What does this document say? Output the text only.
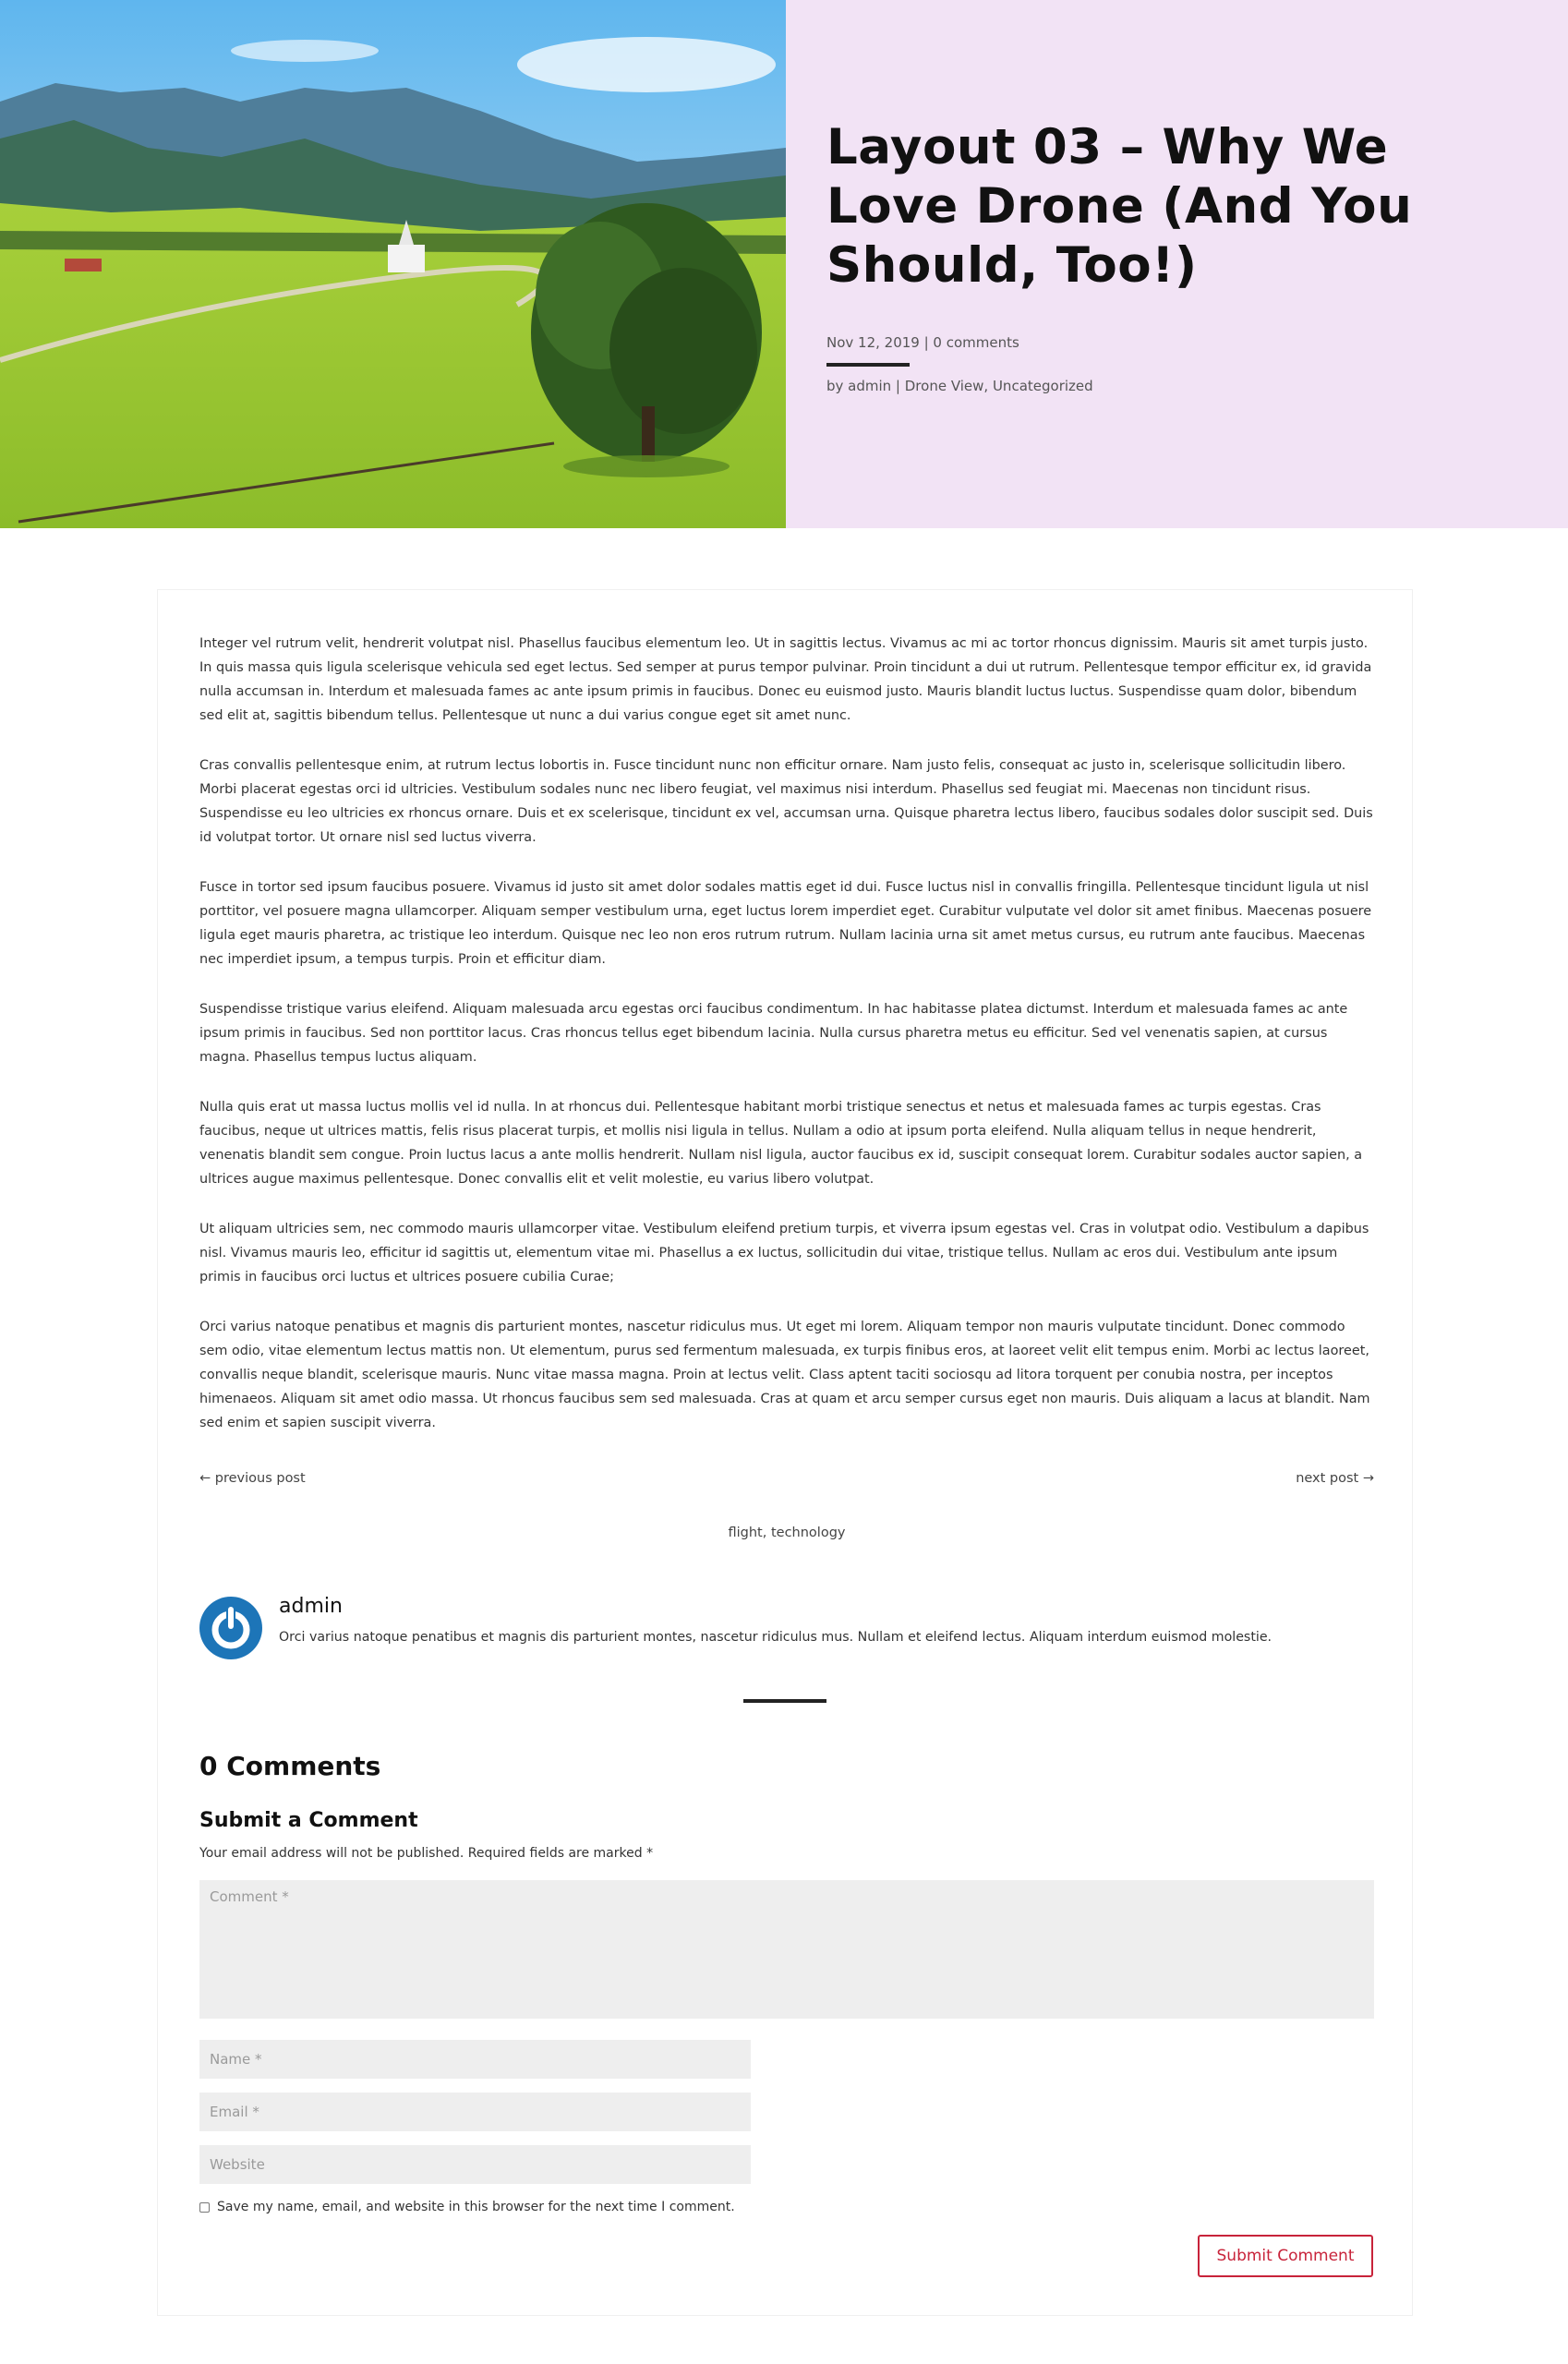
Layout 03 – Why We Love Drone (And You Should, Too!)
Nov 12, 2019 | 0 comments
by admin | Drone View, Uncategorized

Integer vel rutrum velit, hendrerit volutpat nisl. Phasellus faucibus elementum leo. Ut in sagittis lectus. Vivamus ac mi ac tortor rhoncus dignissim. Mauris sit amet turpis justo. In quis massa quis ligula scelerisque vehicula sed eget lectus. Sed semper at purus tempor pulvinar. Proin tincidunt a dui ut rutrum. Pellentesque tempor efficitur ex, id gravida nulla accumsan in. Interdum et malesuada fames ac ante ipsum primis in faucibus. Donec eu euismod justo. Mauris blandit luctus luctus. Suspendisse quam dolor, bibendum sed elit at, sagittis bibendum tellus. Pellentesque ut nunc a dui varius congue eget sit amet nunc.

Cras convallis pellentesque enim, at rutrum lectus lobortis in. Fusce tincidunt nunc non efficitur ornare. Nam justo felis, consequat ac justo in, scelerisque sollicitudin libero. Morbi placerat egestas orci id ultricies. Vestibulum sodales nunc nec libero feugiat, vel maximus nisi interdum. Phasellus sed feugiat mi. Maecenas non tincidunt risus. Suspendisse eu leo ultricies ex rhoncus ornare. Duis et ex scelerisque, tincidunt ex vel, accumsan urna. Quisque pharetra lectus libero, faucibus sodales dolor suscipit sed. Duis id volutpat tortor. Ut ornare nisl sed luctus viverra.

Fusce in tortor sed ipsum faucibus posuere. Vivamus id justo sit amet dolor sodales mattis eget id dui. Fusce luctus nisl in convallis fringilla. Pellentesque tincidunt ligula ut nisl porttitor, vel posuere magna ullamcorper. Aliquam semper vestibulum urna, eget luctus lorem imperdiet eget. Curabitur vulputate vel dolor sit amet finibus. Maecenas posuere ligula eget mauris pharetra, ac tristique leo interdum. Quisque nec leo non eros rutrum rutrum. Nullam lacinia urna sit amet metus cursus, eu rutrum ante faucibus. Maecenas nec imperdiet ipsum, a tempus turpis. Proin et efficitur diam.

Suspendisse tristique varius eleifend. Aliquam malesuada arcu egestas orci faucibus condimentum. In hac habitasse platea dictumst. Interdum et malesuada fames ac ante ipsum primis in faucibus. Sed non porttitor lacus. Cras rhoncus tellus eget bibendum lacinia. Nulla cursus pharetra metus eu efficitur. Sed vel venenatis sapien, at cursus magna. Phasellus tempus luctus aliquam.

Nulla quis erat ut massa luctus mollis vel id nulla. In at rhoncus dui. Pellentesque habitant morbi tristique senectus et netus et malesuada fames ac turpis egestas. Cras faucibus, neque ut ultrices mattis, felis risus placerat turpis, et mollis nisi ligula in tellus. Nullam a odio at ipsum porta eleifend. Nulla aliquam tellus in neque hendrerit, venenatis blandit sem congue. Proin luctus lacus a ante mollis hendrerit. Nullam nisl ligula, auctor faucibus ex id, suscipit consequat lorem. Curabitur sodales auctor sapien, a ultrices augue maximus pellentesque. Donec convallis elit et velit molestie, eu varius libero volutpat.

Ut aliquam ultricies sem, nec commodo mauris ullamcorper vitae. Vestibulum eleifend pretium turpis, et viverra ipsum egestas vel. Cras in volutpat odio. Vestibulum a dapibus nisl. Vivamus mauris leo, efficitur id sagittis ut, elementum vitae mi. Phasellus a ex luctus, sollicitudin dui vitae, tristique tellus. Nullam ac eros dui. Vestibulum ante ipsum primis in faucibus orci luctus et ultrices posuere cubilia Curae;

Orci varius natoque penatibus et magnis dis parturient montes, nascetur ridiculus mus. Ut eget mi lorem. Aliquam tempor non mauris vulputate tincidunt. Donec commodo sem odio, vitae elementum lectus mattis non. Ut elementum, purus sed fermentum malesuada, ex turpis finibus eros, at laoreet velit elit tempus enim. Morbi ac lectus laoreet, convallis neque blandit, scelerisque mauris. Nunc vitae massa magna. Proin at lectus velit. Class aptent taciti sociosqu ad litora torquent per conubia nostra, per inceptos himenaeos. Aliquam sit amet odio massa. Ut rhoncus faucibus sem sed malesuada. Cras at quam et arcu semper cursus eget non mauris. Duis aliquam a lacus at blandit. Nam sed enim et sapien suscipit viverra.

← previous post	next post →
flight, technology
admin
Orci varius natoque penatibus et magnis dis parturient montes, nascetur ridiculus mus. Nullam et eleifend lectus. Aliquam interdum euismod molestie.
0 Comments
Submit a Comment
Your email address will not be published. Required fields are marked *
Comment *
Name *
Email *
Website
Save my name, email, and website in this browser for the next time I comment.
Submit Comment
